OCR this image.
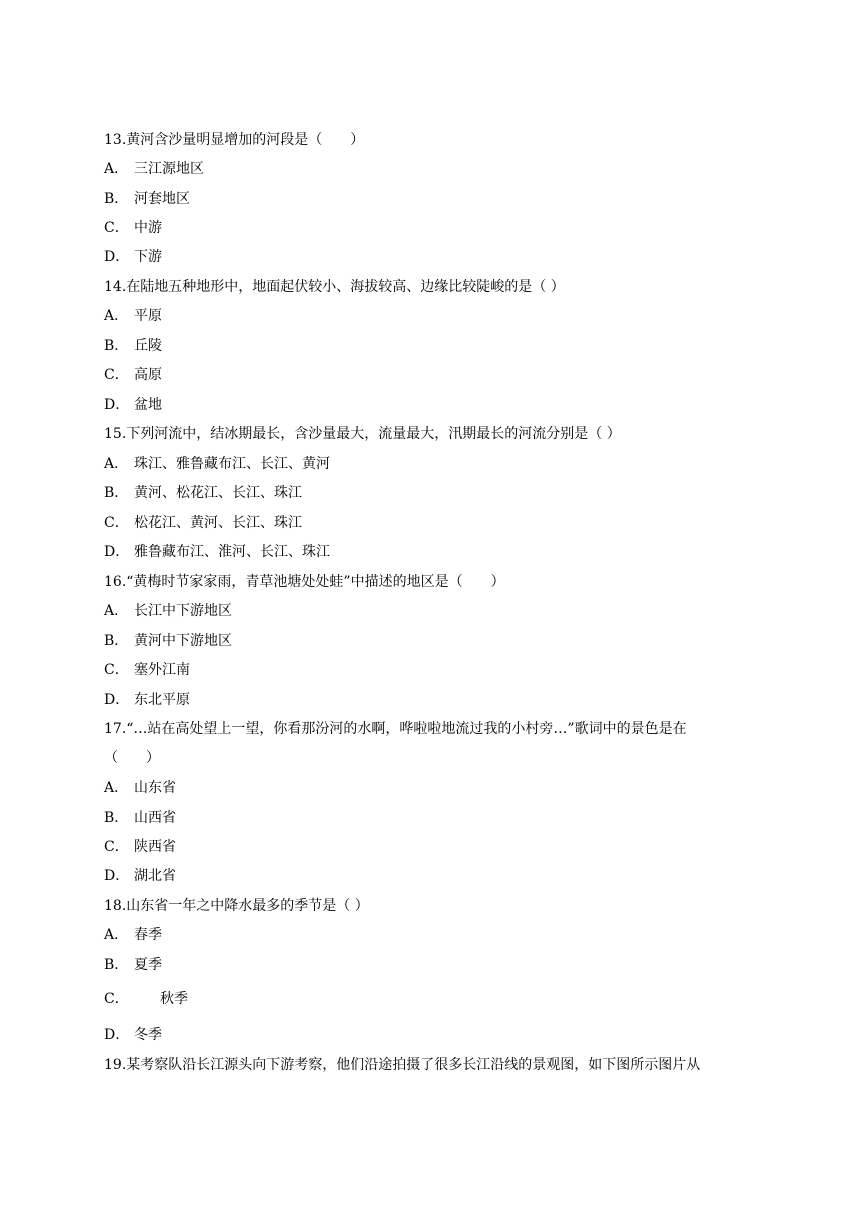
13.黄河含沙量明显增加的河段是（　　）
A． 三江源地区
B． 河套地区
C． 中游
D． 下游
14.在陆地五种地形中，地面起伏较小、海拔较高、边缘比较陡峻的是（ ）
A． 平原
B． 丘陵
C． 高原
D． 盆地
15.下列河流中，结冰期最长，含沙量最大，流量最大，汛期最长的河流分别是（ ）
A． 珠江、雅鲁藏布江、长江、黄河
B． 黄河、松花江、长江、珠江
C． 松花江、黄河、长江、珠江
D． 雅鲁藏布江、淮河、长江、珠江
16.“黄梅时节家家雨，青草池塘处处蛙”中描述的地区是（　　）
A． 长江中下游地区
B． 黄河中下游地区
C． 塞外江南
D． 东北平原
17.“…站在高处望上一望，你看那汾河的水啊，哗啦啦地流过我的小村旁…”歌词中的景色是在
（　　）
A． 山东省
B． 山西省
C． 陕西省
D． 湖北省
18.山东省一年之中降水最多的季节是（ ）
A． 春季
B． 夏季
C． 秋季
D． 冬季
19.某考察队沿长江源头向下游考察，他们沿途拍摄了很多长江沿线的景观图，如下图所示图片从
